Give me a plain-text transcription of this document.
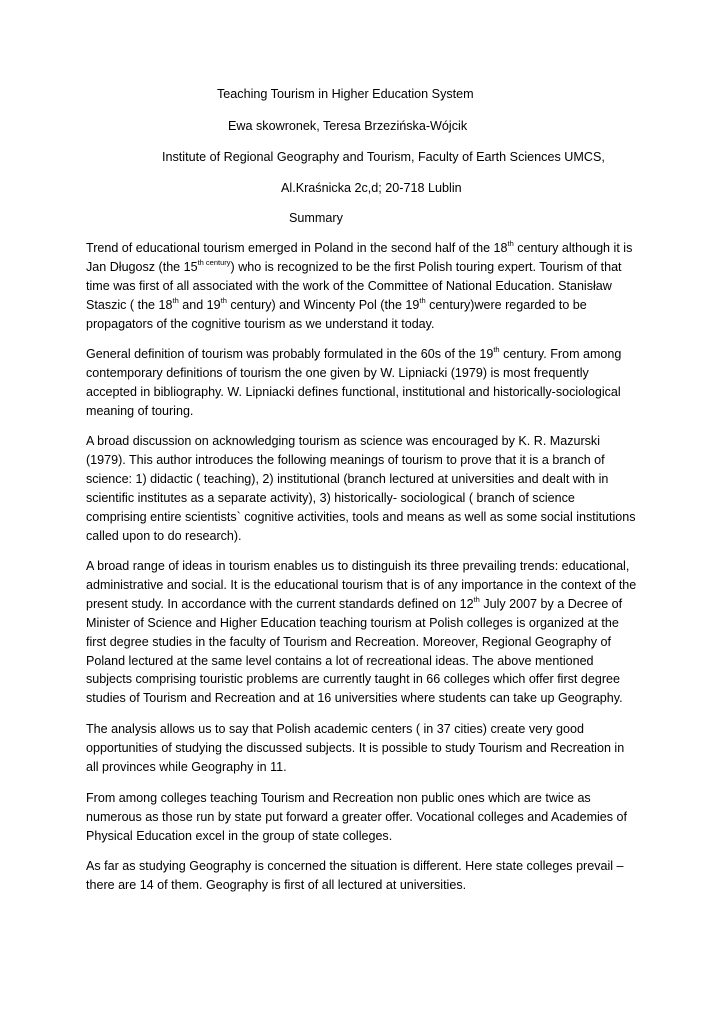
Teaching Tourism in Higher Education System

Ewa skowronek, Teresa Brzezińska-Wójcik

Institute of Regional Geography and Tourism, Faculty of Earth Sciences UMCS,

Al.Kraśnicka 2c,d; 20-718 Lublin

Summary

Trend of educational tourism emerged in Poland in the second half of the 18th century although it is Jan Długosz (the $15^{th century}$) who is recognized to be the first Polish touring expert. Tourism of that time was first of all associated with the work of the Committee of National Education. Stanisław Staszic ( the 18th and 19th century) and Wincenty Pol (the 19th century)were regarded to be propagators of the cognitive tourism as we understand it today.

General definition of tourism was probably formulated in the 60s of the 19th century. From among contemporary definitions of tourism the one given by W. Lipniacki (1979) is most frequently accepted in bibliography. W. Lipniacki defines functional, institutional and historically-sociological meaning of touring.

A broad discussion on acknowledging tourism as science was encouraged by K. R. Mazurski (1979). This author introduces the following meanings of tourism to prove that it is a branch of science: 1) didactic ( teaching), 2) institutional (branch lectured at universities and dealt with in scientific institutes as a separate activity), 3) historically- sociological ( branch of science comprising entire scientists` cognitive activities, tools and means as well as some social institutions called upon to do research).

A broad range of ideas in tourism enables us to distinguish its three prevailing trends: educational, administrative and social. It is the educational tourism that is of any importance in the context of the present study. In accordance with the current standards defined on 12th July 2007 by a Decree of Minister of Science and Higher Education teaching tourism at Polish colleges is organized at the first degree studies in the faculty of Tourism and Recreation. Moreover, Regional Geography of Poland lectured at the same level contains a lot of recreational ideas. The above mentioned subjects comprising touristic problems are currently taught in 66 colleges which offer first degree studies of Tourism and Recreation and at 16 universities where students can take up Geography.

The analysis allows us to say that Polish academic centers ( in 37 cities) create very good opportunities of studying the discussed subjects. It is possible to study Tourism and Recreation in all provinces while Geography in 11.

From among colleges teaching Tourism and Recreation non public ones which are twice as numerous as those run by state put forward a greater offer. Vocational colleges and Academies of Physical Education excel in the group of state colleges.

As far as studying Geography is concerned the situation is different. Here state colleges prevail – there are 14 of them. Geography is first of all lectured at universities.
